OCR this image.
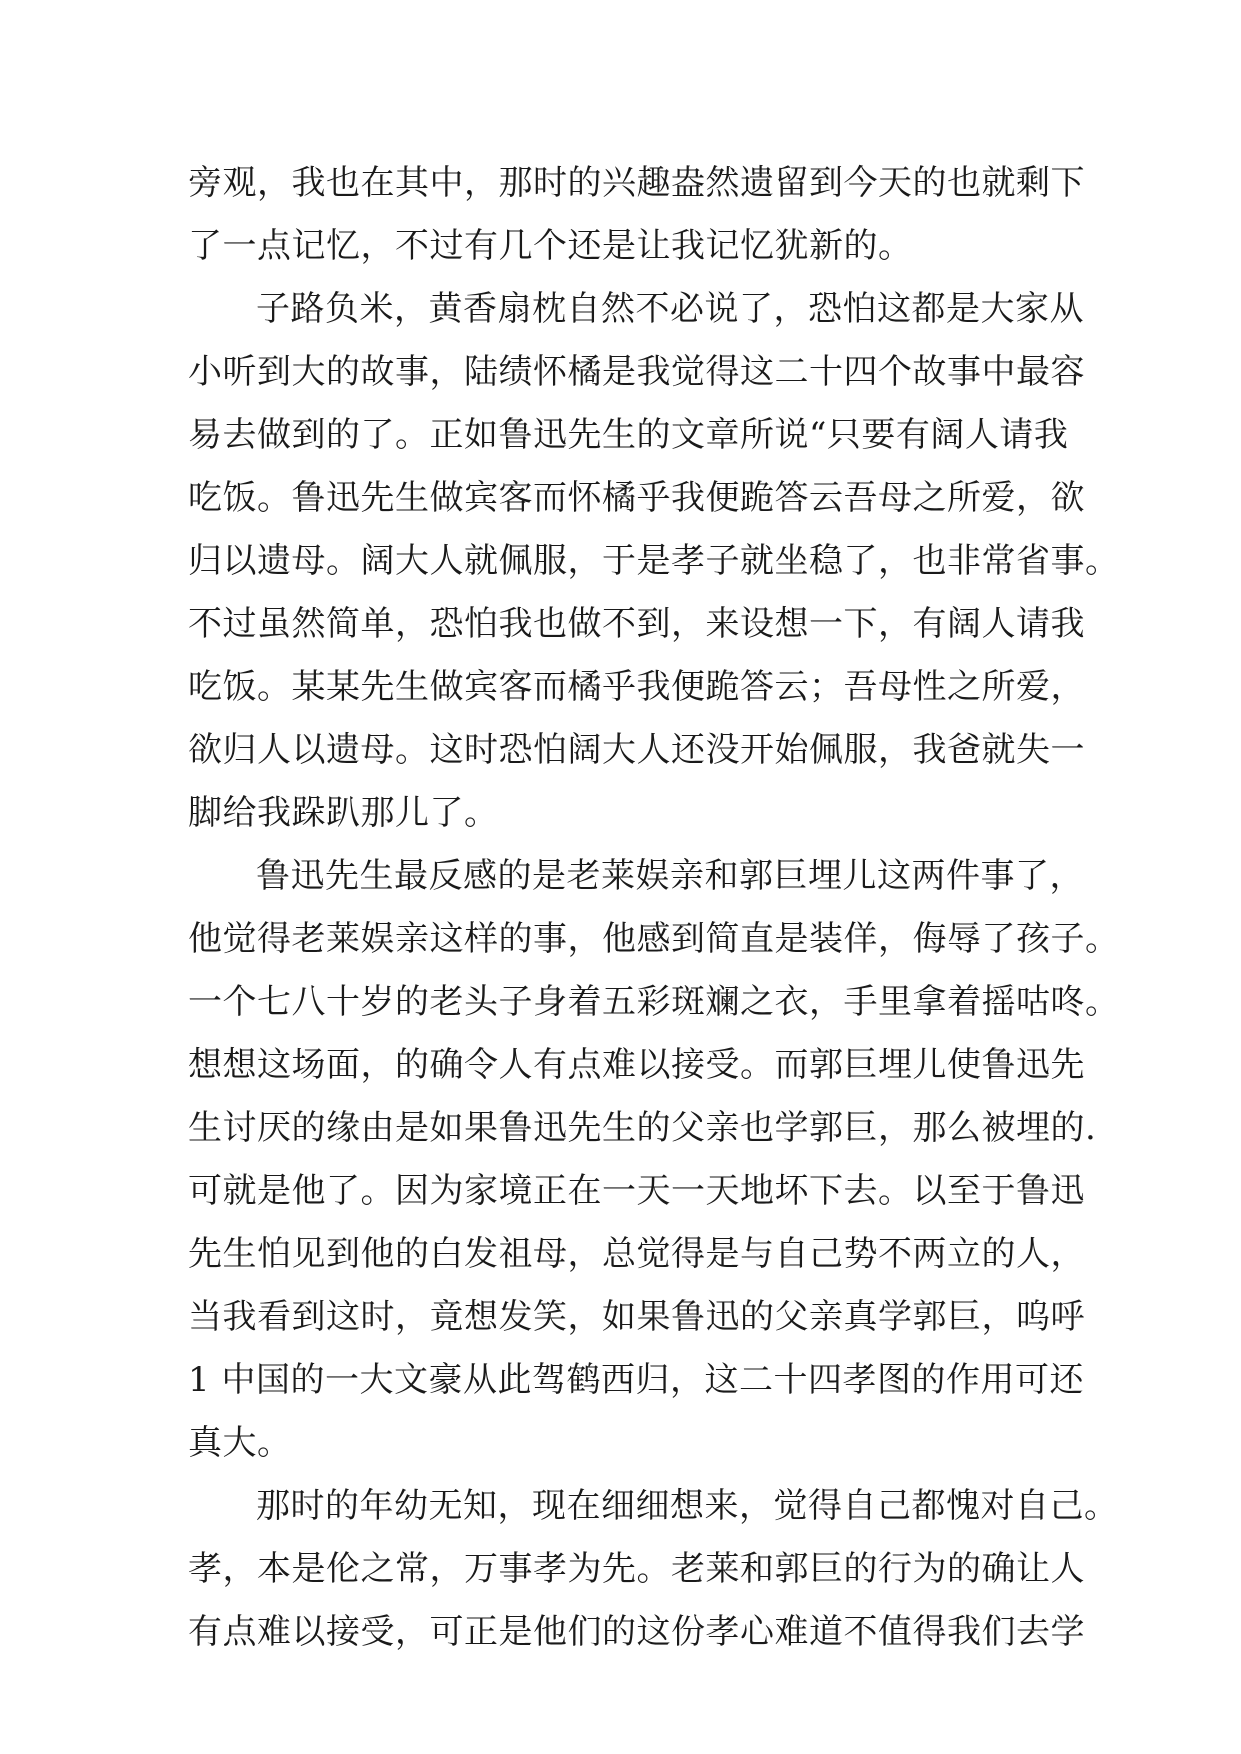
旁观，我也在其中，那时的兴趣盎然遗留到今天的也就剩下
了一点记忆，不过有几个还是让我记忆犹新的。
子路负米，黄香扇枕自然不必说了，恐怕这都是大家从
小听到大的故事，陆绩怀橘是我觉得这二十四个故事中最容
易去做到的了。正如鲁迅先生的文章所说“只要有阔人请我
吃饭。鲁迅先生做宾客而怀橘乎我便跪答云吾母之所爱，欲
归以遗母。阔大人就佩服，于是孝子就坐稳了，也非常省事。
不过虽然简单，恐怕我也做不到，来设想一下，有阔人请我
吃饭。某某先生做宾客而橘乎我便跪答云；吾母性之所爱，
欲归人以遗母。这时恐怕阔大人还没开始佩服，我爸就失一
脚给我跺趴那儿了。
鲁迅先生最反感的是老莱娱亲和郭巨埋儿这两件事了，
他觉得老莱娱亲这样的事，他感到简直是装佯，侮辱了孩子。
一个七八十岁的老头子身着五彩斑斓之衣，手里拿着摇咕咚。
想想这场面，的确令人有点难以接受。而郭巨埋儿使鲁迅先
生讨厌的缘由是如果鲁迅先生的父亲也学郭巨，那么被埋的.
可就是他了。因为家境正在一天一天地坏下去。以至于鲁迅
先生怕见到他的白发祖母，总觉得是与自己势不两立的人，
当我看到这时，竟想发笑，如果鲁迅的父亲真学郭巨，呜呼
1 中国的一大文豪从此驾鹤西归，这二十四孝图的作用可还
真大。
那时的年幼无知，现在细细想来，觉得自己都愧对自己。
孝，本是伦之常，万事孝为先。老莱和郭巨的行为的确让人
有点难以接受，可正是他们的这份孝心难道不值得我们去学
